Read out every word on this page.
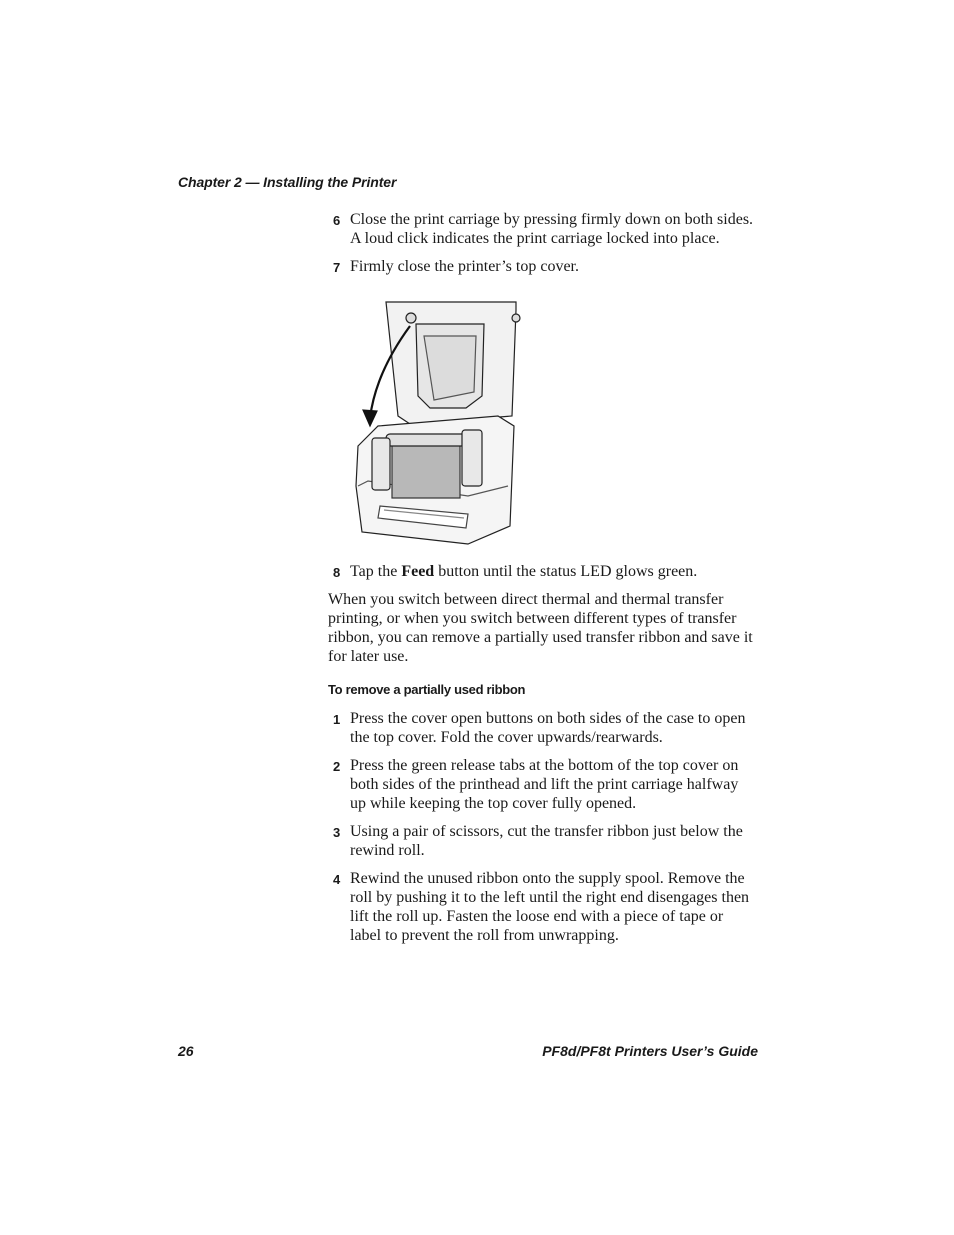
Chapter 2 — Installing the Printer
6 Close the print carriage by pressing firmly down on both sides. A loud click indicates the print carriage locked into place.
7 Firmly close the printer’s top cover.
8 Tap the Feed button until the status LED glows green.

When you switch between direct thermal and thermal transfer printing, or when you switch between different types of transfer ribbon, you can remove a partially used transfer ribbon and save it for later use.

To remove a partially used ribbon
1 Press the cover open buttons on both sides of the case to open the top cover. Fold the cover upwards/rearwards.
2 Press the green release tabs at the bottom of the top cover on both sides of the printhead and lift the print carriage halfway up while keeping the top cover fully opened.
3 Using a pair of scissors, cut the transfer ribbon just below the rewind roll.
4 Rewind the unused ribbon onto the supply spool. Remove the roll by pushing it to the left until the right end disengages then lift the roll up. Fasten the loose end with a piece of tape or label to prevent the roll from unwrapping.
26	PF8d/PF8t Printers User’s Guide
